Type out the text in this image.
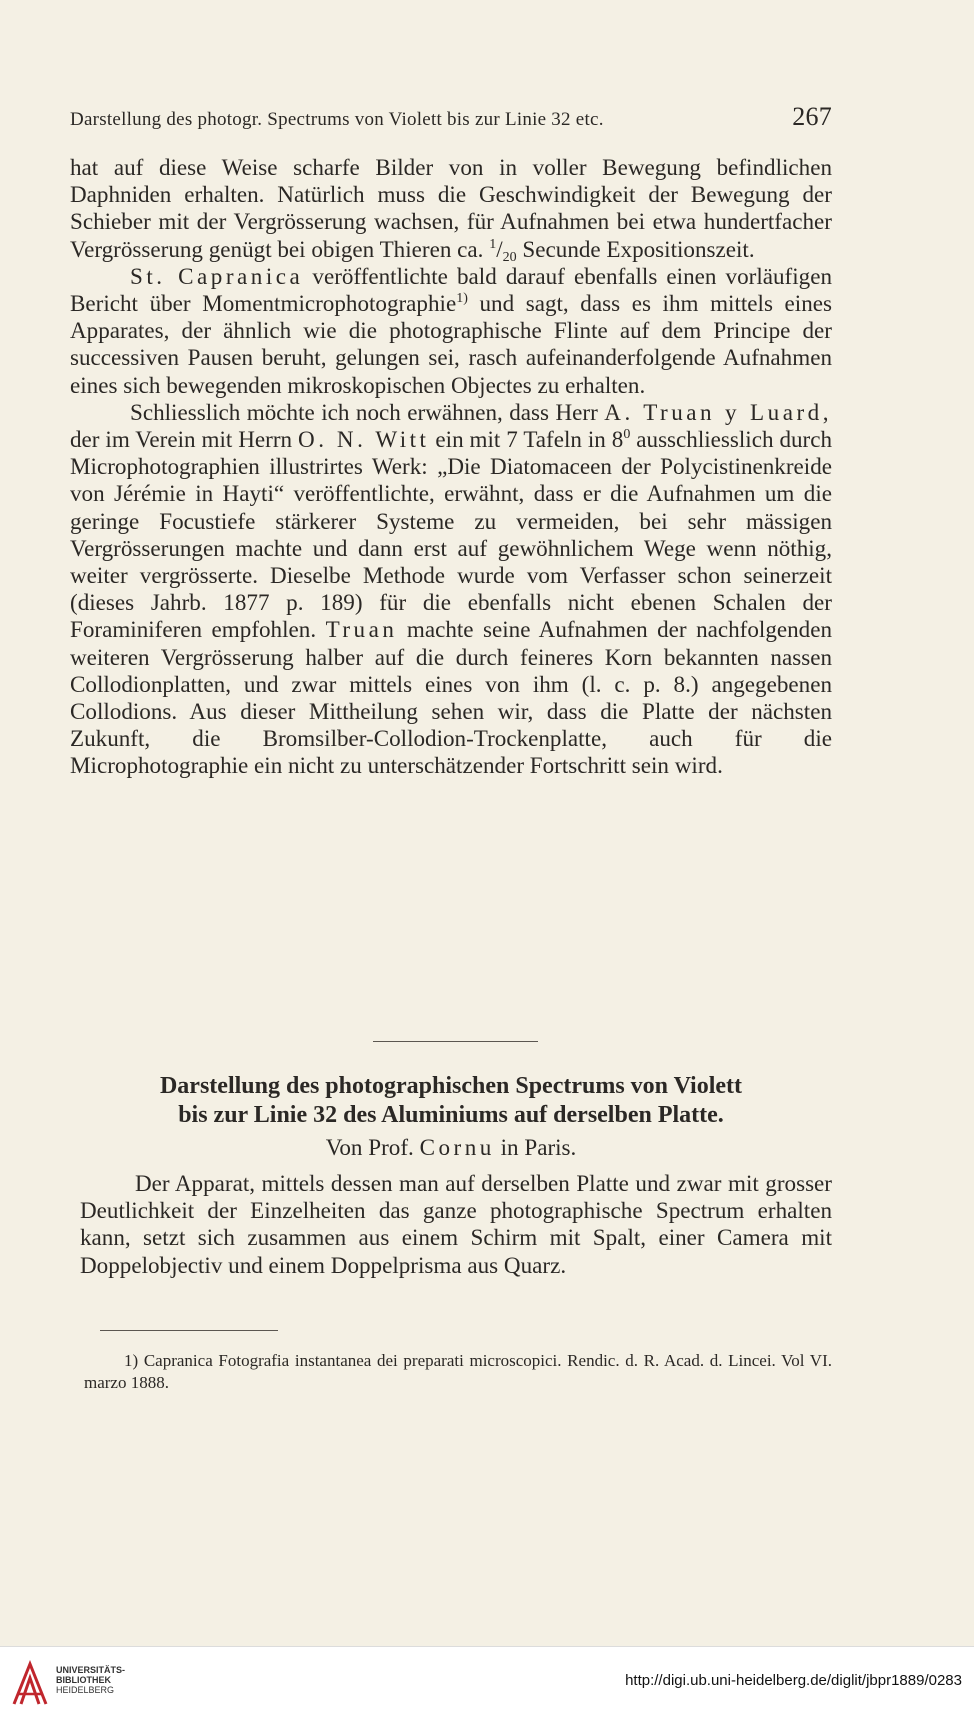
Darstellung des photogr. Spectrums von Violett bis zur Linie 32 etc.	267

hat auf diese Weise scharfe Bilder von in voller Bewegung befindlichen Daphniden erhalten. Natürlich muss die Geschwindigkeit der Bewegung der Schieber mit der Vergrösserung wachsen, für Aufnahmen bei etwa hundertfacher Vergrösserung genügt bei obigen Thieren ca. $^1/_{20}$ Secunde Expositionszeit.

St. Capranica veröffentlichte bald darauf ebenfalls einen vorläufigen Bericht über Momentmicrophotographie$^{1)}$ und sagt, dass es ihm mittels eines Apparates, der ähnlich wie die photographische Flinte auf dem Principe der successiven Pausen beruht, gelungen sei, rasch aufeinanderfolgende Aufnahmen eines sich bewegenden mikroskopischen Objectes zu erhalten.

Schliesslich möchte ich noch erwähnen, dass Herr A. Truan y Luard, der im Verein mit Herrn O. N. Witt ein mit 7 Tafeln in $8^0$ ausschliesslich durch Microphotographien illustrirtes Werk: „Die Diatomaceen der Polycistinenkreide von Jérémie in Hayti“ veröffentlichte, erwähnt, dass er die Aufnahmen um die geringe Focustiefe stärkerer Systeme zu vermeiden, bei sehr mässigen Vergrösserungen machte und dann erst auf gewöhnlichem Wege wenn nöthig, weiter vergrösserte. Dieselbe Methode wurde vom Verfasser schon seinerzeit (dieses Jahrb. 1877 p. 189) für die ebenfalls nicht ebenen Schalen der Foraminiferen empfohlen. Truan machte seine Aufnahmen der nachfolgenden weiteren Vergrösserung halber auf die durch feineres Korn bekannten nassen Collodionplatten, und zwar mittels eines von ihm (l. c. p. 8.) angegebenen Collodions. Aus dieser Mittheilung sehen wir, dass die Platte der nächsten Zukunft, die Bromsilber-Collodion-Trockenplatte, auch für die Microphotographie ein nicht zu unterschätzender Fortschritt sein wird.

Darstellung des photographischen Spectrums von Violett
bis zur Linie 32 des Aluminiums auf derselben Platte.
Von Prof. Cornu in Paris.

Der Apparat, mittels dessen man auf derselben Platte und zwar mit grosser Deutlichkeit der Einzelheiten das ganze photographische Spectrum erhalten kann, setzt sich zusammen aus einem Schirm mit Spalt, einer Camera mit Doppelobjectiv und einem Doppelprisma aus Quarz.

1) Capranica Fotografia instantanea dei preparati microscopici. Rendic. d. R. Acad. d. Lincei. Vol VI. marzo 1888.

UNIVERSITÄTS-
BIBLIOTHEK
HEIDELBERG
http://digi.ub.uni-heidelberg.de/diglit/jbpr1889/0283
